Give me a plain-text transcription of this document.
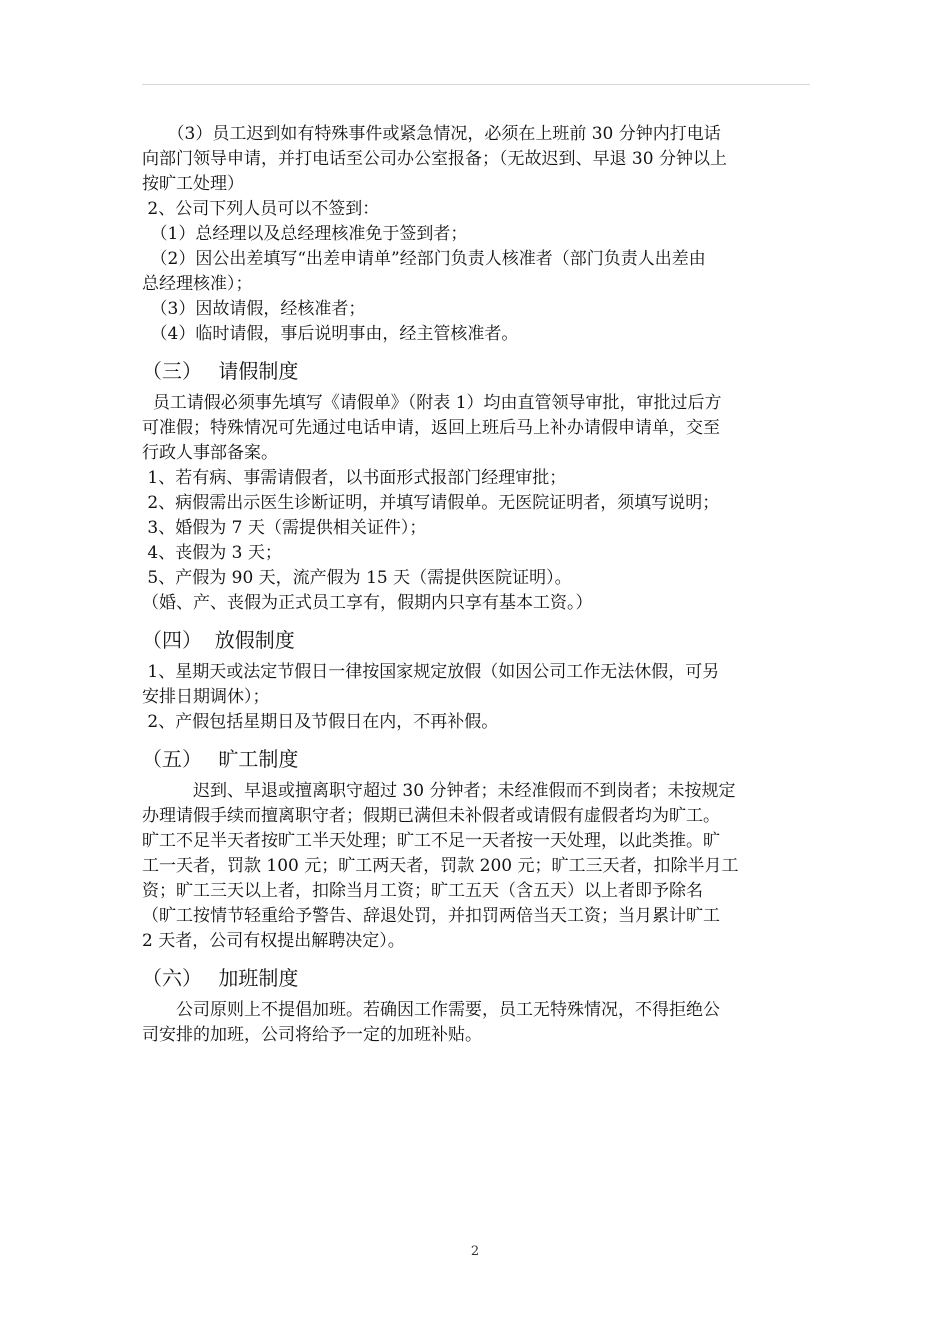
　　（3）员工迟到如有特殊事件或紧急情况，必须在上班前 30 分钟内打电话

向部门领导申请，并打电话至公司办公室报备；（无故迟到、早退 30 分钟以上

按旷工处理）

2、公司下列人员可以不签到：

　（1）总经理以及总经理核准免于签到者；

　（2）因公出差填写“出差申请单”经部门负责人核准者（部门负责人出差由

总经理核准）；

　（3）因故请假，经核准者；

　（4）临时请假，事后说明事由，经主管核准者。

（三）　 请假制度

员工请假必须事先填写《请假单》（附表 1）均由直管领导审批，审批过后方

可准假；特殊情况可先通过电话申请，返回上班后马上补办请假申请单，交至

行政人事部备案。

1、若有病、事需请假者，以书面形式报部门经理审批；

2、病假需出示医生诊断证明，并填写请假单。无医院证明者，须填写说明；

3、婚假为 7 天（需提供相关证件）；

4、丧假为 3 天；

5、产假为 90 天，流产假为 15 天（需提供医院证明）。

（婚、产、丧假为正式员工享有，假期内只享有基本工资。）

（四）  放假制度

1、星期天或法定节假日一律按国家规定放假（如因公司工作无法休假，可另

安排日期调休）；

2、产假包括星期日及节假日在内，不再补假。

（五）　 旷工制度

　　　迟到、早退或擅离职守超过 30 分钟者；未经准假而不到岗者；未按规定

办理请假手续而擅离职守者；假期已满但未补假者或请假有虚假者均为旷工。

旷工不足半天者按旷工半天处理；旷工不足一天者按一天处理，以此类推。旷

工一天者，罚款 100 元；旷工两天者，罚款 200 元；旷工三天者，扣除半月工

资；旷工三天以上者，扣除当月工资；旷工五天（含五天）以上者即予除名

（旷工按情节轻重给予警告、辞退处罚，并扣罚两倍当天工资；当月累计旷工

2 天者，公司有权提出解聘决定）。

（六）　 加班制度

　　公司原则上不提倡加班。若确因工作需要，员工无特殊情况，不得拒绝公

司安排的加班，公司将给予一定的加班补贴。

2
